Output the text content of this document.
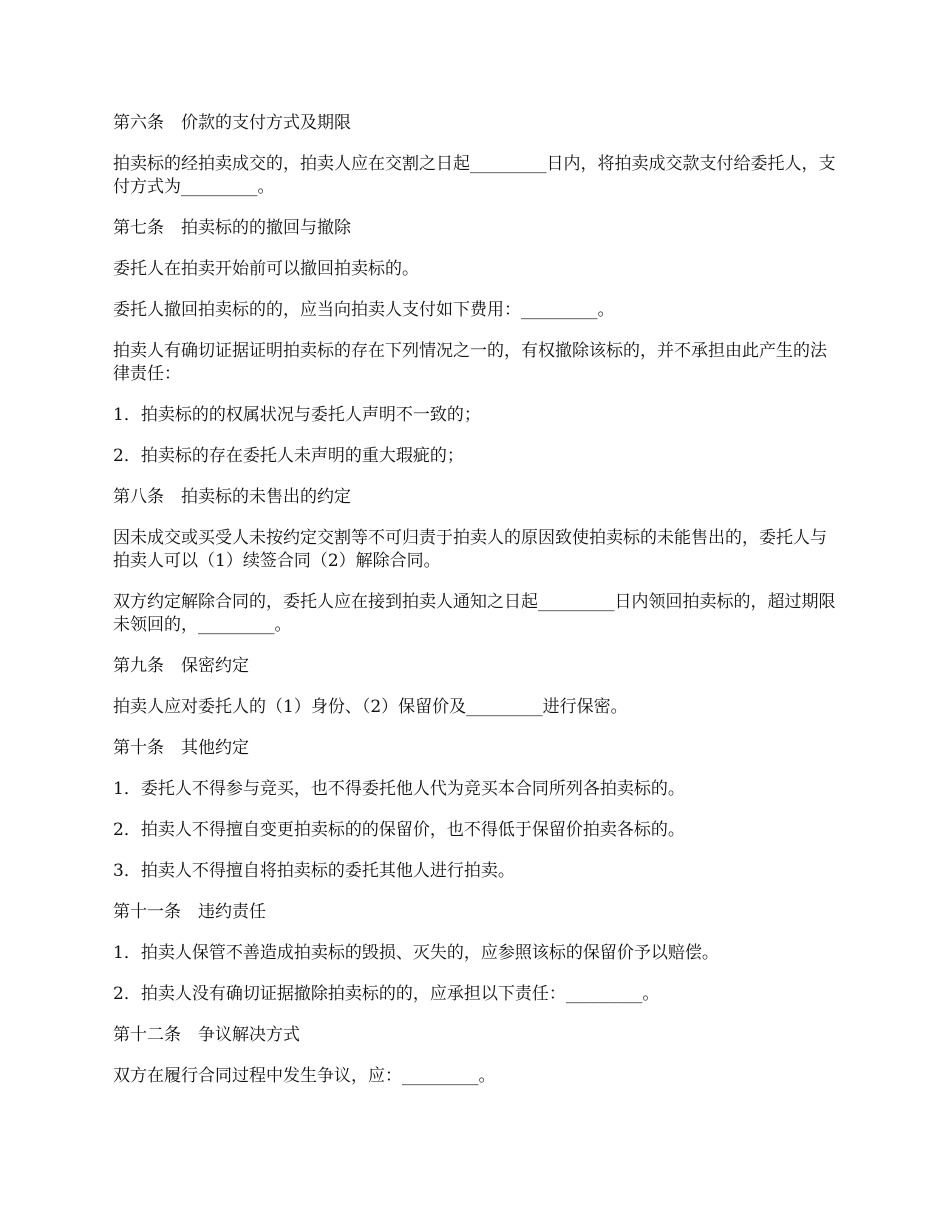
第六条　价款的支付方式及期限

拍卖标的经拍卖成交的，拍卖人应在交割之日起_________日内，将拍卖成交款支付给委托人，支付方式为_________。

第七条　拍卖标的的撤回与撤除

委托人在拍卖开始前可以撤回拍卖标的。

委托人撤回拍卖标的的，应当向拍卖人支付如下费用：_________。

拍卖人有确切证据证明拍卖标的存在下列情况之一的，有权撤除该标的，并不承担由此产生的法律责任：

1．拍卖标的的权属状况与委托人声明不一致的；

2．拍卖标的存在委托人未声明的重大瑕疵的；

第八条　拍卖标的未售出的约定

因未成交或买受人未按约定交割等不可归责于拍卖人的原因致使拍卖标的未能售出的，委托人与拍卖人可以（1）续签合同（2）解除合同。

双方约定解除合同的，委托人应在接到拍卖人通知之日起_________日内领回拍卖标的，超过期限未领回的，_________。

第九条　保密约定

拍卖人应对委托人的（1）身份、（2）保留价及_________进行保密。

第十条　其他约定

1．委托人不得参与竞买，也不得委托他人代为竞买本合同所列各拍卖标的。

2．拍卖人不得擅自变更拍卖标的的保留价，也不得低于保留价拍卖各标的。

3．拍卖人不得擅自将拍卖标的委托其他人进行拍卖。

第十一条　违约责任

1．拍卖人保管不善造成拍卖标的毁损、灭失的，应参照该标的保留价予以赔偿。

2．拍卖人没有确切证据撤除拍卖标的的，应承担以下责任：_________。

第十二条　争议解决方式

双方在履行合同过程中发生争议，应：_________。
